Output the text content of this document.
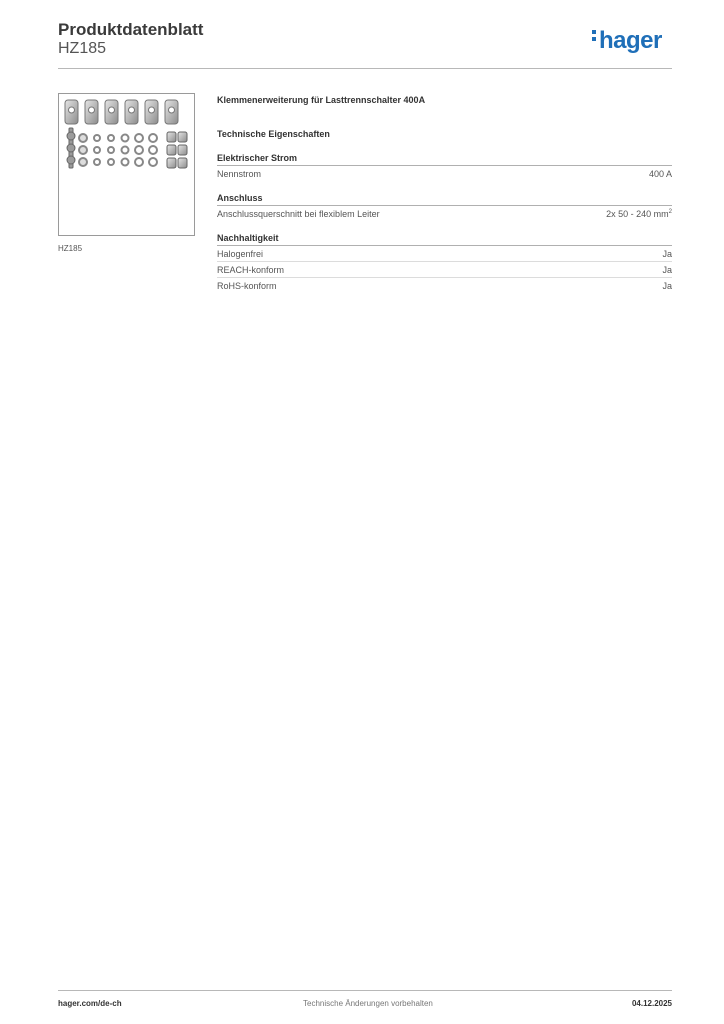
Produktdatenblatt
HZ185	hager
HZ185
Klemmenerweiterung für Lasttrennschalter 400A
Technische Eigenschaften
Elektrischer Strom
Nennstrom	400 A
Anschluss
Anschlussquerschnitt bei flexiblem Leiter	2x 50 - 240 $mm^2$
Nachhaltigkeit
Halogenfrei	Ja
REACH-konform	Ja
RoHS-konform	Ja
hager.com/de-ch	Technische Änderungen vorbehalten	04.12.2025
